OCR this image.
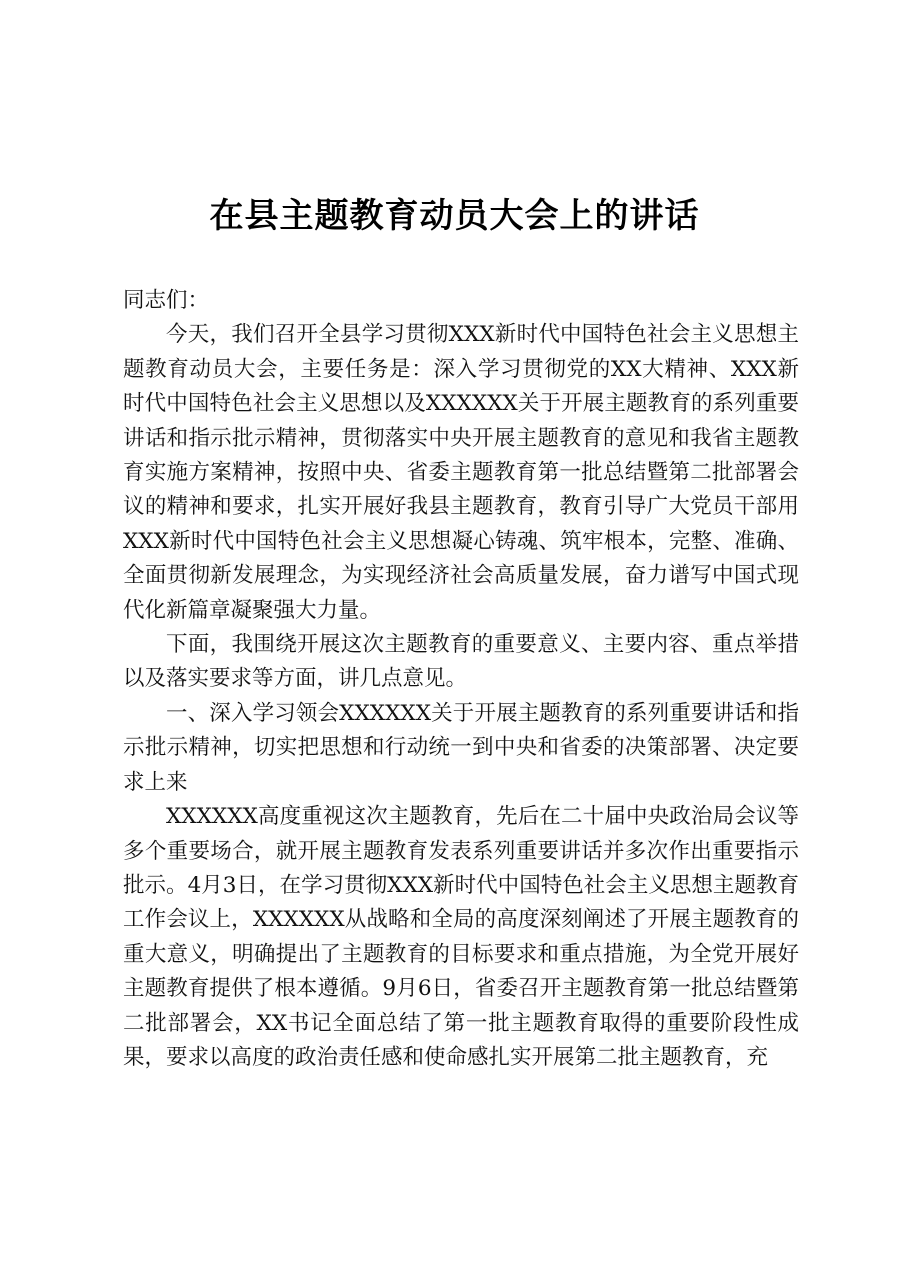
在县主题教育动员大会上的讲话

同志们：

今天，我们召开全县学习贯彻XXX新时代中国特色社会主义思想主题教育动员大会，主要任务是：深入学习贯彻党的XX大精神、XXX新时代中国特色社会主义思想以及XXXXXX关于开展主题教育的系列重要讲话和指示批示精神，贯彻落实中央开展主题教育的意见和我省主题教育实施方案精神，按照中央、省委主题教育第一批总结暨第二批部署会议的精神和要求，扎实开展好我县主题教育，教育引导广大党员干部用XXX新时代中国特色社会主义思想凝心铸魂、筑牢根本，完整、准确、全面贯彻新发展理念，为实现经济社会高质量发展，奋力谱写中国式现代化新篇章凝聚强大力量。

下面，我围绕开展这次主题教育的重要意义、主要内容、重点举措以及落实要求等方面，讲几点意见。

一、深入学习领会XXXXXX关于开展主题教育的系列重要讲话和指示批示精神，切实把思想和行动统一到中央和省委的决策部署、决定要求上来

XXXXXX高度重视这次主题教育，先后在二十届中央政治局会议等多个重要场合，就开展主题教育发表系列重要讲话并多次作出重要指示批示。4月3日，在学习贯彻XXX新时代中国特色社会主义思想主题教育工作会议上，XXXXXX从战略和全局的高度深刻阐述了开展主题教育的重大意义，明确提出了主题教育的目标要求和重点措施，为全党开展好主题教育提供了根本遵循。9月6日，省委召开主题教育第一批总结暨第二批部署会，XX书记全面总结了第一批主题教育取得的重要阶段性成果，要求以高度的政治责任感和使命感扎实开展第二批主题教育，充
